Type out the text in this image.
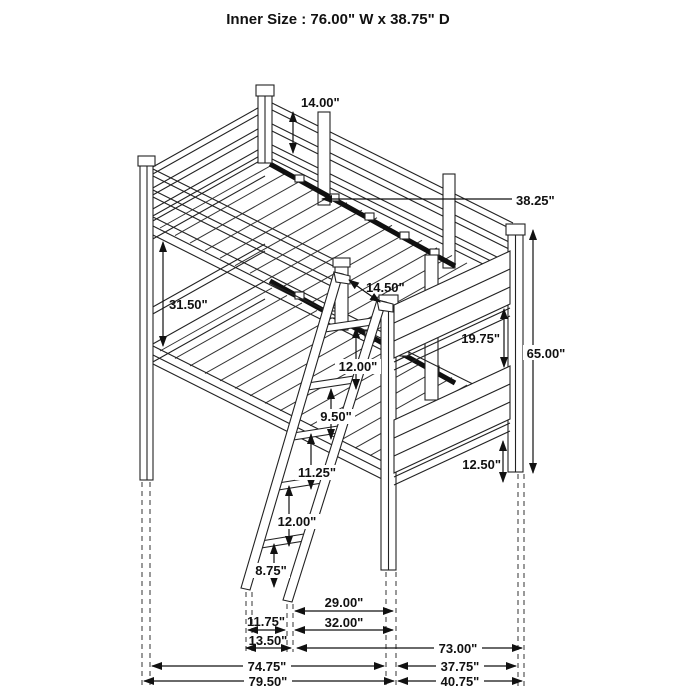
Inner Size : 76.00" W x 38.75" D
14.00"
38.25"
31.50"
14.50"
19.75"
65.00"
12.00"
9.50"
12.50"
11.25"
12.00"
8.75"
29.00"
11.75"	32.00"
13.50"
73.00"
74.75"	37.75"
79.50"	40.75"
